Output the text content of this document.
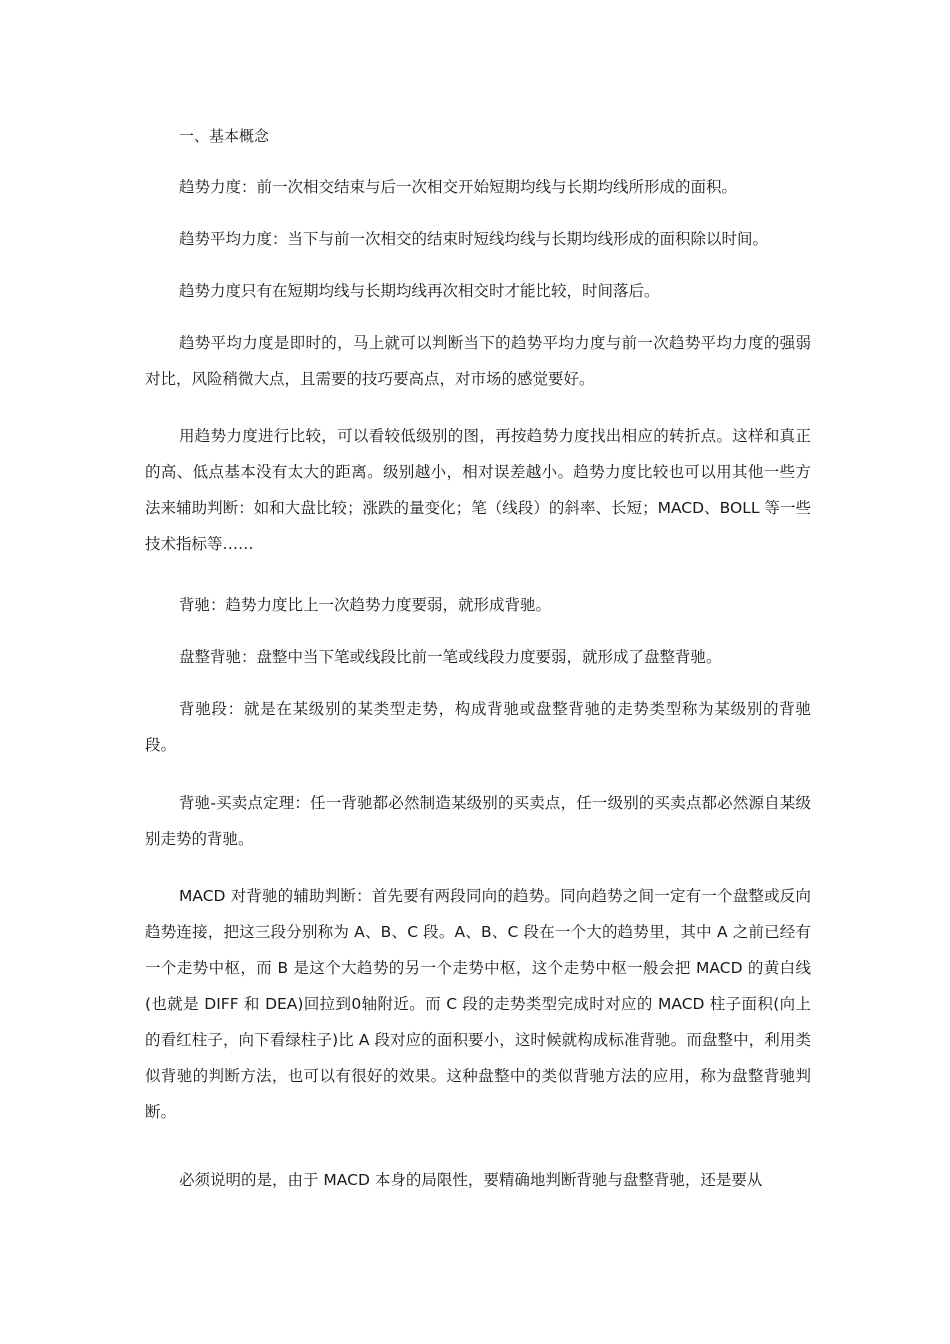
一、基本概念

趋势力度：前一次相交结束与后一次相交开始短期均线与长期均线所形成的面积。

趋势平均力度：当下与前一次相交的结束时短线均线与长期均线形成的面积除以时间。

趋势力度只有在短期均线与长期均线再次相交时才能比较，时间落后。

趋势平均力度是即时的，马上就可以判断当下的趋势平均力度与前一次趋势平均力度的强弱对比，风险稍微大点，且需要的技巧要高点，对市场的感觉要好。

用趋势力度进行比较，可以看较低级别的图，再按趋势力度找出相应的转折点。这样和真正的高、低点基本没有太大的距离。级别越小，相对误差越小。趋势力度比较也可以用其他一些方法来辅助判断：如和大盘比较；涨跌的量变化；笔（线段）的斜率、长短；MACD、BOLL 等一些技术指标等……

背驰：趋势力度比上一次趋势力度要弱，就形成背驰。

盘整背驰：盘整中当下笔或线段比前一笔或线段力度要弱，就形成了盘整背驰。

背驰段：就是在某级别的某类型走势，构成背驰或盘整背驰的走势类型称为某级别的背驰段。

背驰-买卖点定理：任一背驰都必然制造某级别的买卖点，任一级别的买卖点都必然源自某级别走势的背驰。

MACD 对背驰的辅助判断：首先要有两段同向的趋势。同向趋势之间一定有一个盘整或反向趋势连接，把这三段分别称为 A、B、C 段。A、B、C 段在一个大的趋势里，其中 A 之前已经有一个走势中枢，而 B 是这个大趋势的另一个走势中枢，这个走势中枢一般会把 MACD 的黄白线 (也就是 DIFF 和 DEA)回拉到0轴附近。而 C 段的走势类型完成时对应的 MACD 柱子面积(向上的看红柱子，向下看绿柱子)比 A 段对应的面积要小，这时候就构成标准背驰。而盘整中，利用类似背驰的判断方法，也可以有很好的效果。这种盘整中的类似背驰方法的应用，称为盘整背驰判断。

必须说明的是，由于 MACD 本身的局限性，要精确地判断背驰与盘整背驰，还是要从
